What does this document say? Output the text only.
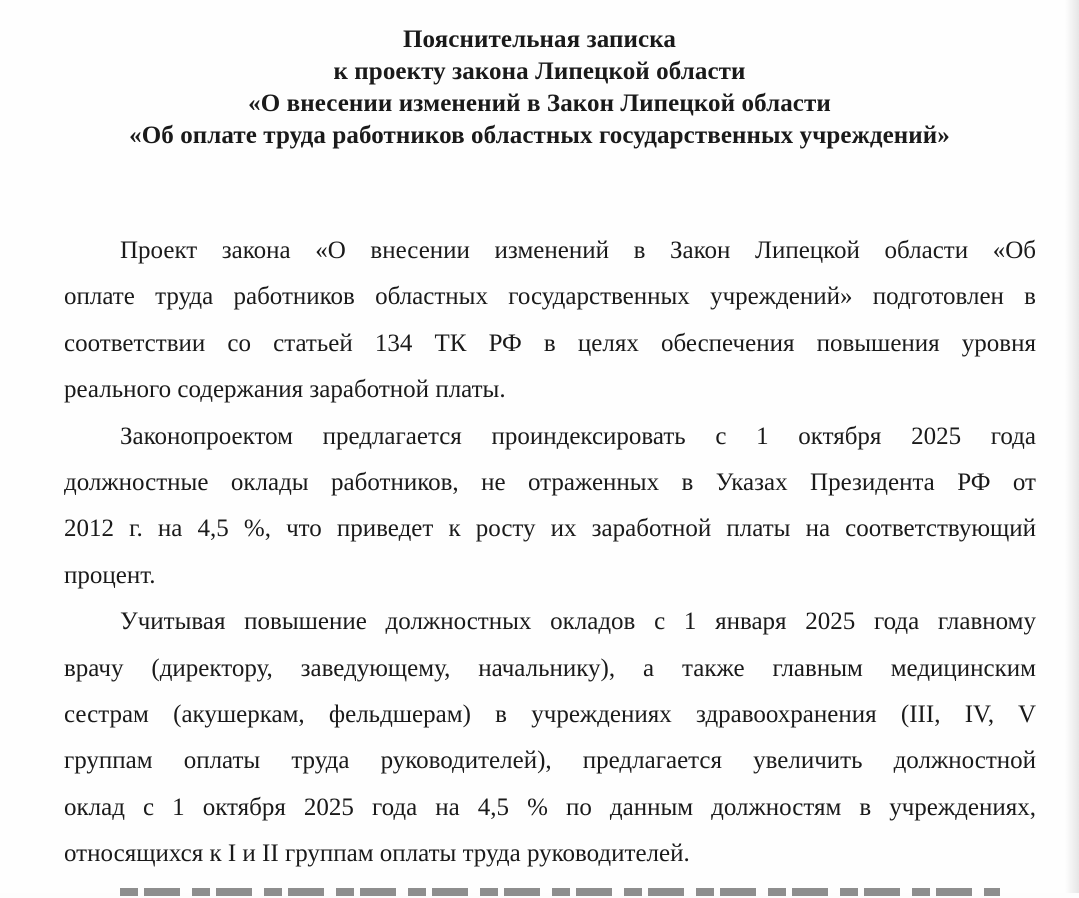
Пояснительная записка
к проекту закона Липецкой области
«О внесении изменений в Закон Липецкой области
«Об оплате труда работников областных государственных учреждений»
Проект закона «О внесении изменений в Закон Липецкой области «Об
оплате труда работников областных государственных учреждений» подготовлен в
соответствии со статьей 134 ТК РФ в целях обеспечения повышения уровня
реального содержания заработной платы.
Законопроектом предлагается проиндексировать с 1 октября 2025 года
должностные оклады работников, не отраженных в Указах Президента РФ от
2012 г. на 4,5 %, что приведет к росту их заработной платы на соответствующий
процент.
Учитывая повышение должностных окладов с 1 января 2025 года главному
врачу (директору, заведующему, начальнику), а также главным медицинским
сестрам (акушеркам, фельдшерам) в учреждениях здравоохранения (III, IV, V
группам оплаты труда руководителей), предлагается увеличить должностной
оклад с 1 октября 2025 года на 4,5 % по данным должностям в учреждениях,
относящихся к I и II группам оплаты труда руководителей.
